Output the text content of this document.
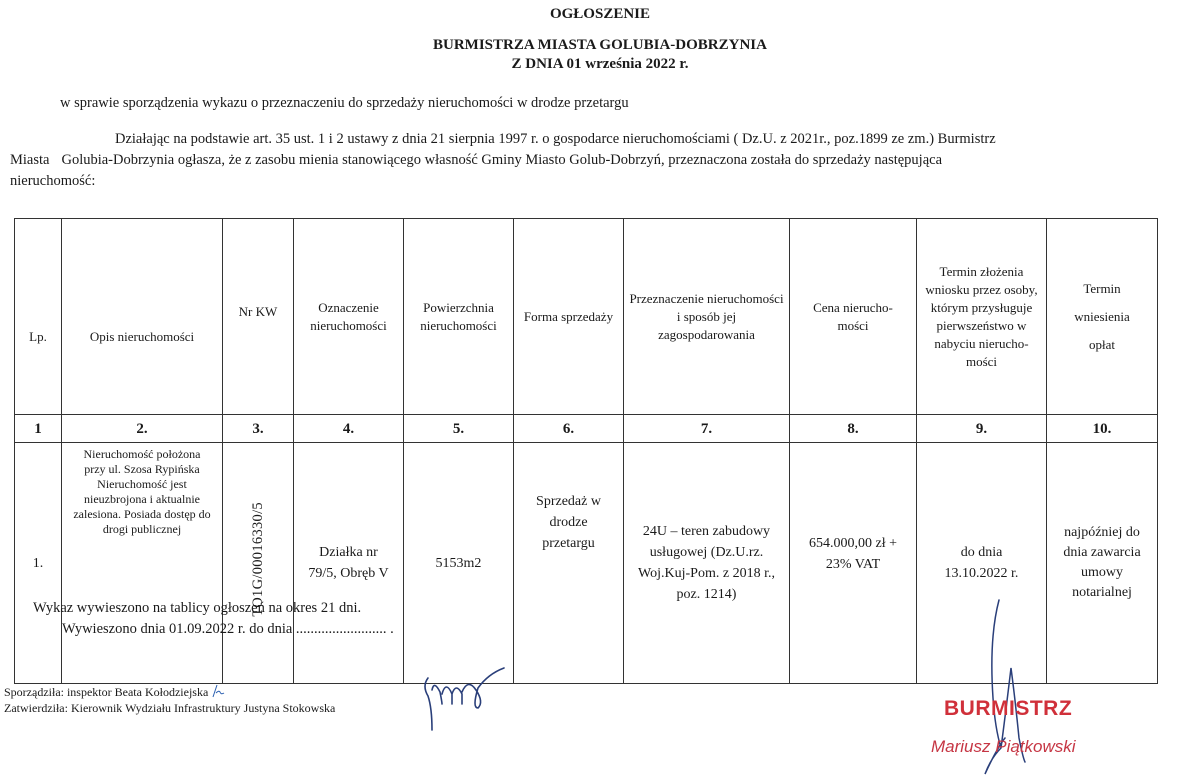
OGŁOSZENIE
BURMISTRZA MIASTA GOLUBIA-DOBRZYNIA
Z DNIA 01 września 2022 r.
w sprawie sporządzenia wykazu o przeznaczeniu do sprzedaży nieruchomości w drodze przetargu
Działając na podstawie art. 35 ust. 1 i 2 ustawy z dnia 21 sierpnia 1997 r. o gospodarce nieruchomościami ( Dz.U. z 2021r., poz.1899 ze zm.) Burmistrz
Miasta Golubia-Dobrzynia ogłasza, że z zasobu mienia stanowiącego własność Gminy Miasto Golub-Dobrzyń, przeznaczona została do sprzedaży następująca
nieruchomość:
Lp.	Opis nieruchomości	Nr KW	Oznaczenie nieruchomości	Powierzchnia nieruchomości	Forma sprzedaży	Przeznaczenie nieruchomości i sposób jej zagospodarowania	Cena nierucho- mości	Termin złożenia wniosku przez osoby, którym przysługuje pierwszeństwo w nabyciu nierucho- mości	Termin wniesienia opłat
1	2.	3.	4.	5.	6.	7.	8.	9.	10.
1.	Nieruchomość położona przy ul. Szosa Rypińska Nieruchomość jest nieuzbrojona i aktualnie zalesiona. Posiada dostęp do drogi publicznej	TO1G/00016330/5	Działka nr 79/5, Obręb V	5153m2	Sprzedaż w drodze przetargu	24U – teren zabudowy usługowej (Dz.U.rz. Woj.Kuj-Pom. z 2018 r., poz. 1214)	654.000,00 zł + 23% VAT	do dnia 13.10.2022 r.	najpóźniej do dnia zawarcia umowy notarialnej
Wykaz wywieszono na tablicy ogłoszeń na okres 21 dni.
Wywieszono dnia 01.09.2022 r. do dnia ......................... .
Sporządziła: inspektor Beata Kołodziejska
Zatwierdziła: Kierownik Wydziału Infrastruktury Justyna Stokowska	BURMISTRZ
Mariusz Piątkowski
